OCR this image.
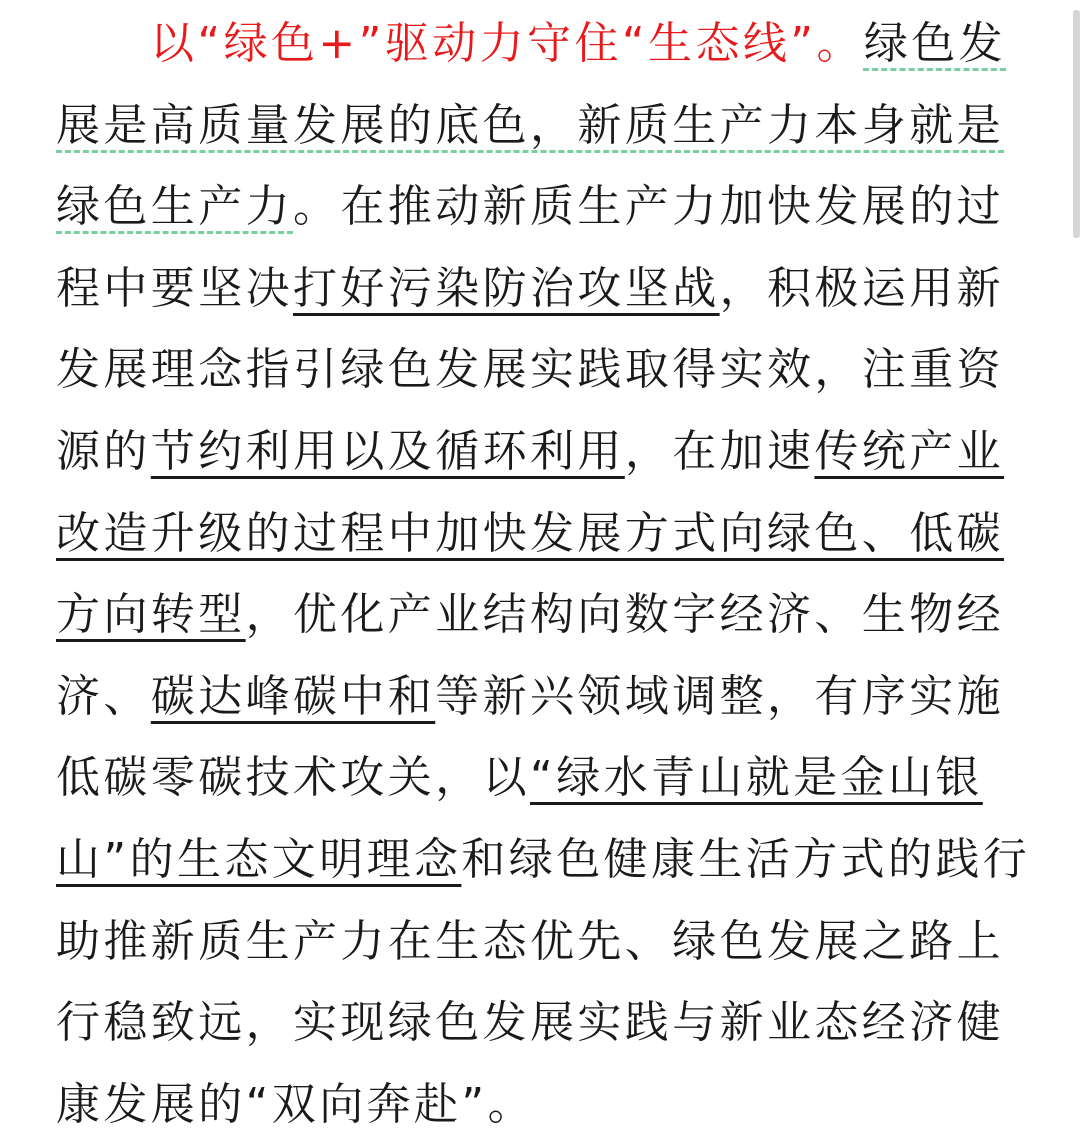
以“绿色+”驱动力守住“生态线”。绿色发
展是高质量发展的底色，新质生产力本身就是
绿色生产力。在推动新质生产力加快发展的过
程中要坚决打好污染防治攻坚战，积极运用新
发展理念指引绿色发展实践取得实效，注重资
源的节约利用以及循环利用，在加速传统产业
改造升级的过程中加快发展方式向绿色、低碳
方向转型，优化产业结构向数字经济、生物经
济、碳达峰碳中和等新兴领域调整，有序实施
低碳零碳技术攻关，以“绿水青山就是金山银
山”的生态文明理念和绿色健康生活方式的践行
助推新质生产力在生态优先、绿色发展之路上
行稳致远，实现绿色发展实践与新业态经济健
康发展的“双向奔赴”。
